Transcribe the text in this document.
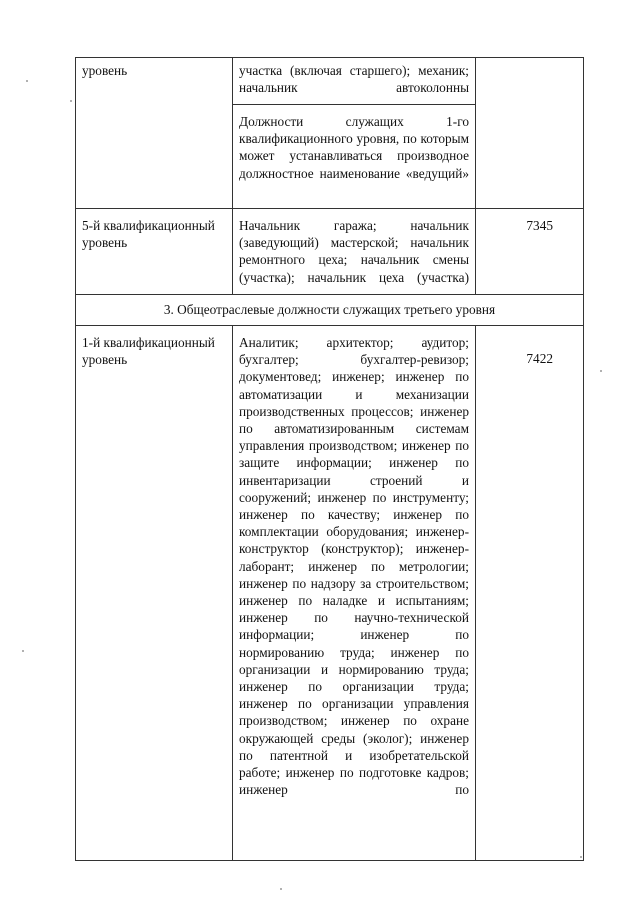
уровень	участка (включая старшего); механик; начальник автоколонны	
	Должности служащих 1-го квалификационного уровня, по которым может устанавливаться производное должностное наименование «ведущий»	
5-й квалификационный уровень	Начальник гаража; начальник (заведующий) мастерской; начальник ремонтного цеха; начальник смены (участка); начальник цеха (участка)	7345
3. Общеотраслевые должности служащих третьего уровня		
1-й квалификационный уровень	Аналитик; архитектор; аудитор; бухгалтер; бухгалтер-ревизор; документовед; инженер; инженер по автоматизации и механизации производственных процессов; инженер по автоматизированным системам управления производством; инженер по защите информации; инженер по инвентаризации строений и сооружений; инженер по инструменту; инженер по качеству; инженер по комплектации оборудования; инженер-конструктор (конструктор); инженер-лаборант; инженер по метрологии; инженер по надзору за строительством; инженер по наладке и испытаниям; инженер по научно-технической информации; инженер по нормированию труда; инженер по организации и нормированию труда; инженер по организации труда; инженер по организации управления производством; инженер по охране окружающей среды (эколог); инженер по патентной и изобретательской работе; инженер по подготовке кадров; инженер по	7422
